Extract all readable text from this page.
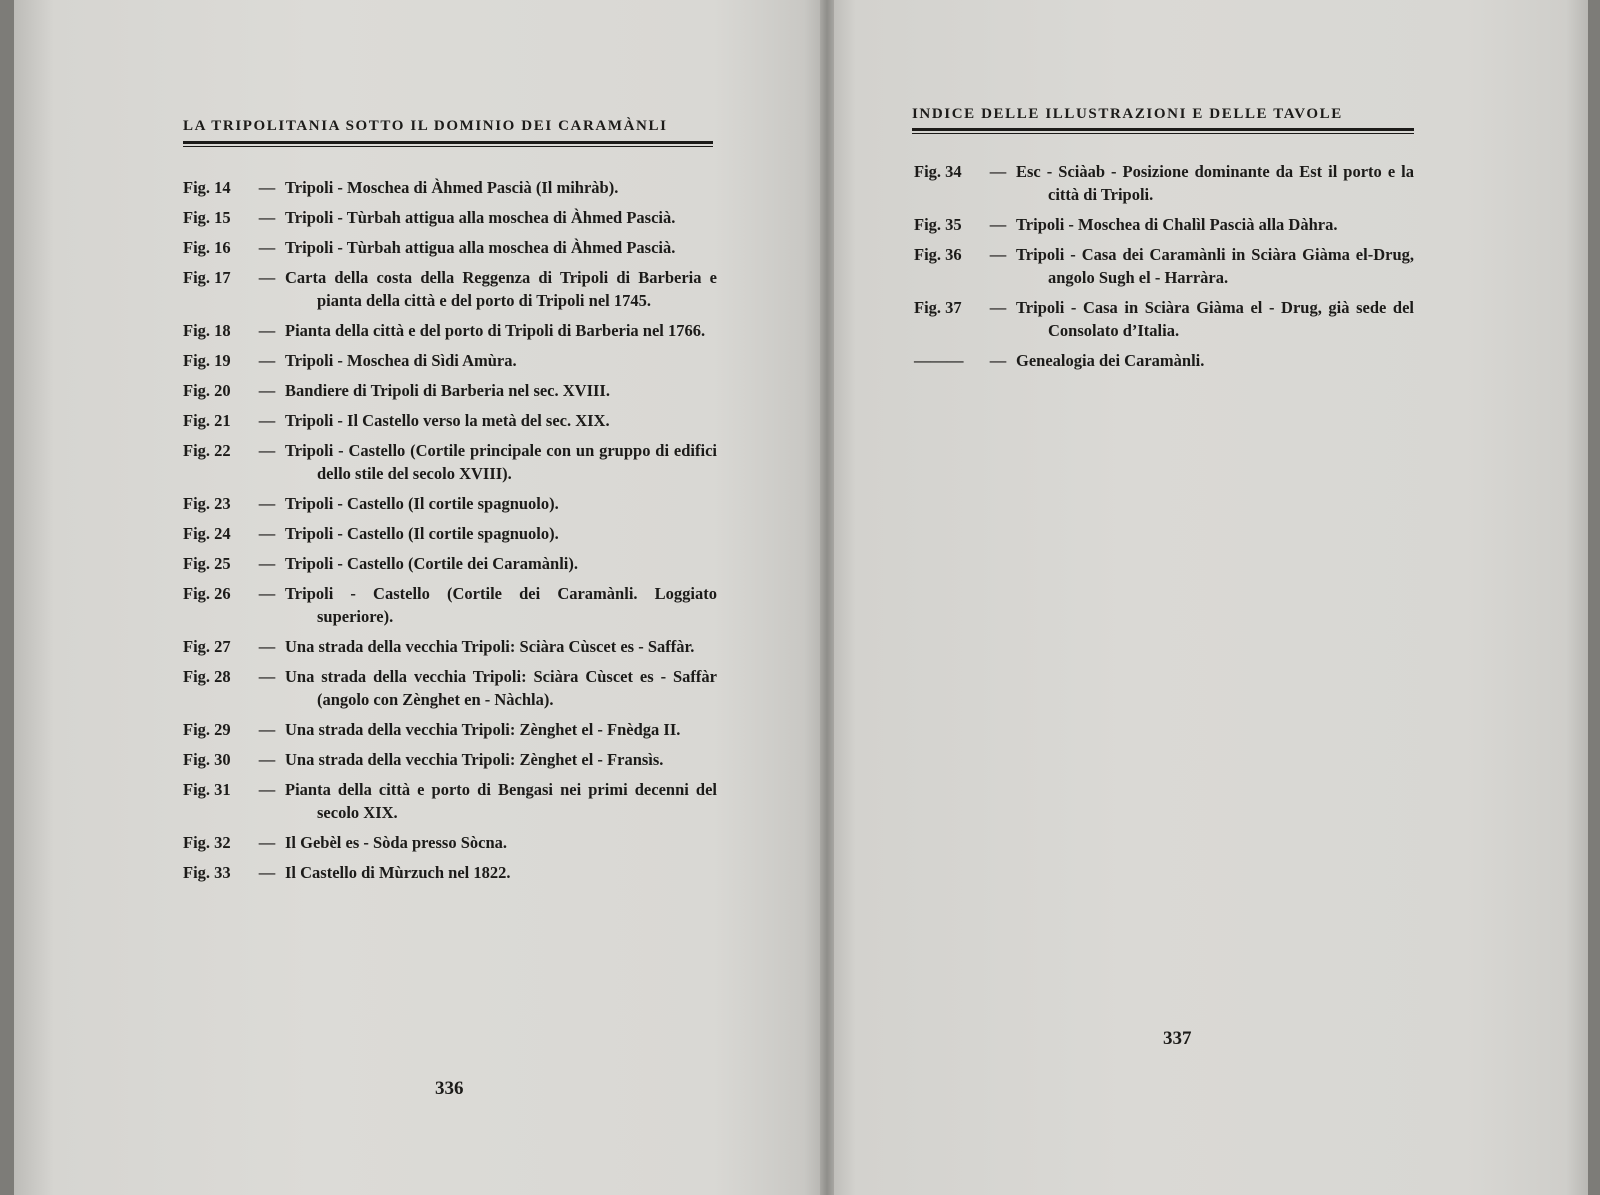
LA TRIPOLITANIA SOTTO IL DOMINIO DEI CARAMÀNLI
Fig. 14	— Tripoli - Moschea di Àhmed Pascià (Il mihràb).
Fig. 15	— Tripoli - Tùrbah attigua alla moschea di Àhmed Pascià.
Fig. 16	— Tripoli - Tùrbah attigua alla moschea di Àhmed Pascià.
Fig. 17	— Carta della costa della Reggenza di Tripoli di Barberia e pianta della città e del porto di Tripoli nel 1745.
Fig. 18	— Pianta della città e del porto di Tripoli di Barberia nel 1766.
Fig. 19	— Tripoli - Moschea di Sìdi Amùra.
Fig. 20	— Bandiere di Tripoli di Barberia nel sec. XVIII.
Fig. 21	— Tripoli - Il Castello verso la metà del sec. XIX.
Fig. 22	— Tripoli - Castello (Cortile principale con un gruppo di edifici dello stile del secolo XVIII).
Fig. 23	— Tripoli - Castello (Il cortile spagnuolo).
Fig. 24	— Tripoli - Castello (Il cortile spagnuolo).
Fig. 25	— Tripoli - Castello (Cortile dei Caramànli).
Fig. 26	— Tripoli - Castello (Cortile dei Caramànli. Loggiato superiore).
Fig. 27	— Una strada della vecchia Tripoli: Sciàra Cùscet es - Saffàr.
Fig. 28	— Una strada della vecchia Tripoli: Sciàra Cùscet es - Saffàr (angolo con Zènghet en - Nàchla).
Fig. 29	— Una strada della vecchia Tripoli: Zènghet el - Fnèdga II.
Fig. 30	— Una strada della vecchia Tripoli: Zènghet el - Fransìs.
Fig. 31	— Pianta della città e porto di Bengasi nei primi decenni del secolo XIX.
Fig. 32	— Il Gebèl es - Sòda presso Sòcna.
Fig. 33	— Il Castello di Mùrzuch nel 1822.
336
INDICE DELLE ILLUSTRAZIONI E DELLE TAVOLE
Fig. 34	— Esc - Sciàab - Posizione dominante da Est il porto e la città di Tripoli.
Fig. 35	— Tripoli - Moschea di Chalìl Pascià alla Dàhra.
Fig. 36	— Tripoli - Casa dei Caramànli in Sciàra Giàma el-Drug, angolo Sugh el - Harràra.
Fig. 37	— Tripoli - Casa in Sciàra Giàma el - Drug, già sede del Consolato d’Italia.
———	— Genealogia dei Caramànli.
337
